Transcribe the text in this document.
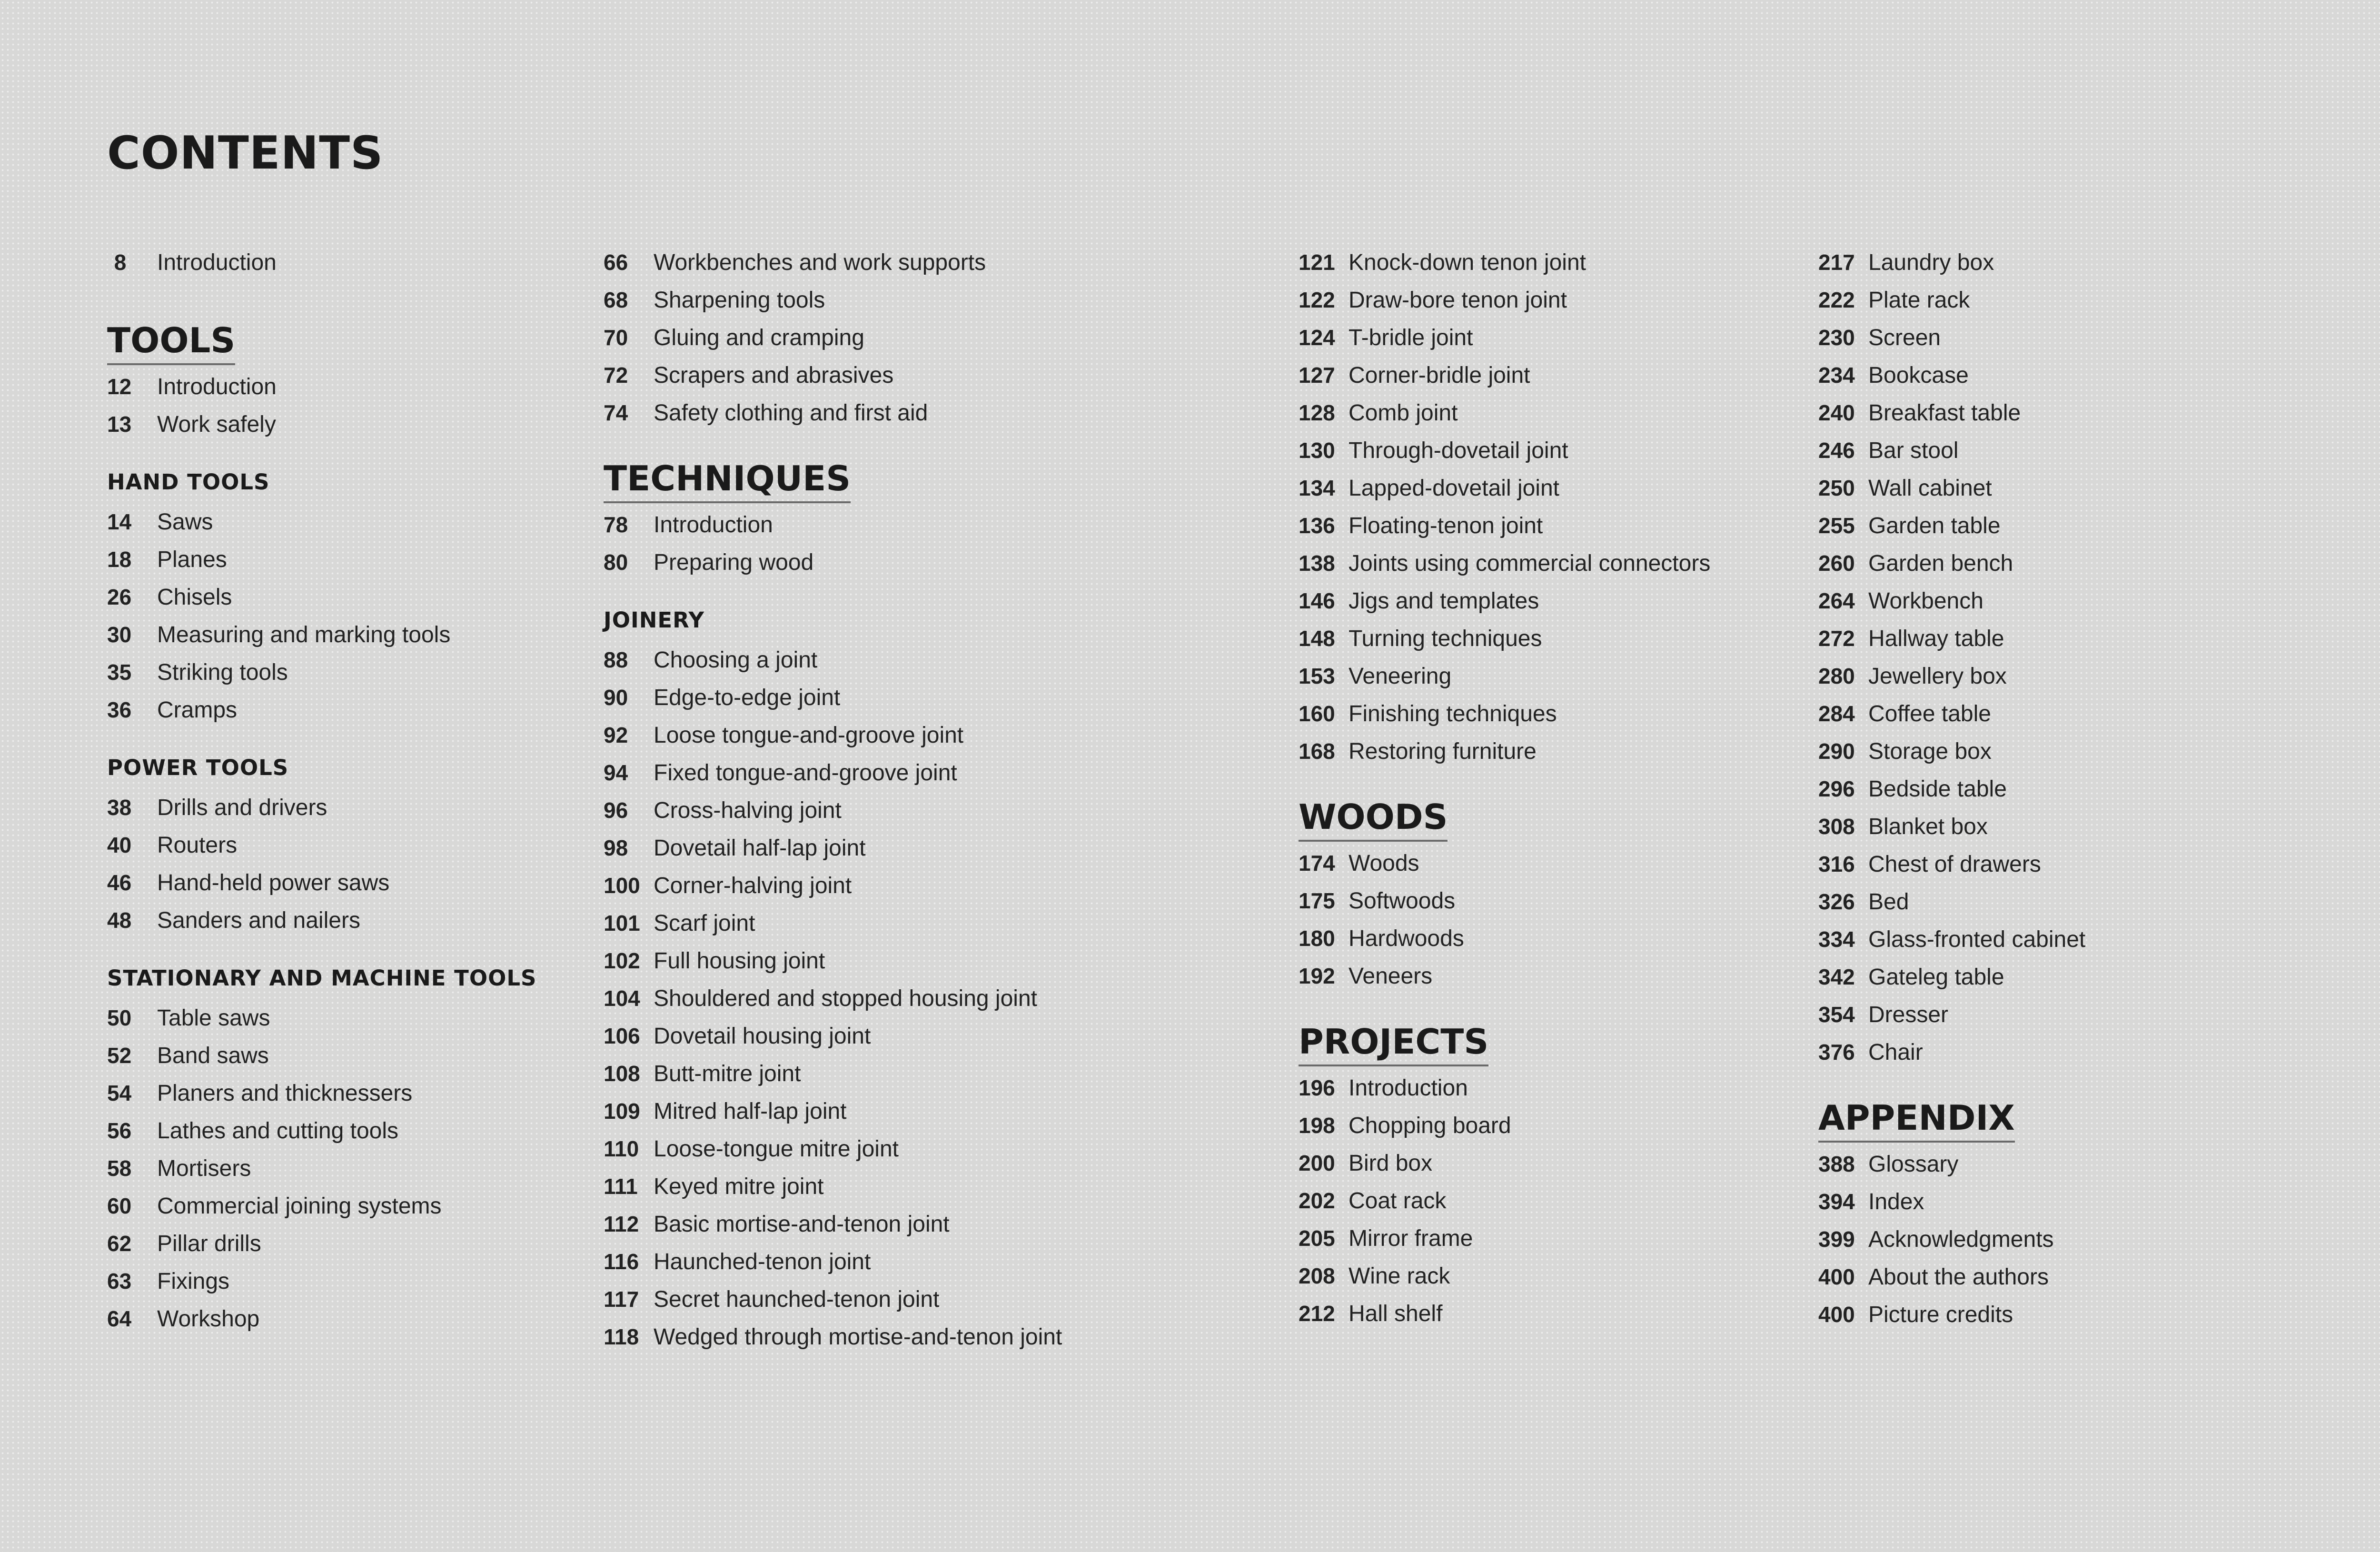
CONTENTS
8	Introduction
TOOLS
12	Introduction
13	Work safely
HAND TOOLS
14	Saws
18	Planes
26	Chisels
30	Measuring and marking tools
35	Striking tools
36	Cramps
POWER TOOLS
38	Drills and drivers
40	Routers
46	Hand-held power saws
48	Sanders and nailers
STATIONARY AND MACHINE TOOLS
50	Table saws
52	Band saws
54	Planers and thicknessers
56	Lathes and cutting tools
58	Mortisers
60	Commercial joining systems
62	Pillar drills
63	Fixings
64	Workshop
66	Workbenches and work supports
68	Sharpening tools
70	Gluing and cramping
72	Scrapers and abrasives
74	Safety clothing and first aid
TECHNIQUES
78	Introduction
80	Preparing wood
JOINERY
88	Choosing a joint
90	Edge-to-edge joint
92	Loose tongue-and-groove joint
94	Fixed tongue-and-groove joint
96	Cross-halving joint
98	Dovetail half-lap joint
100 Corner-halving joint
101 Scarf joint
102 Full housing joint
104 Shouldered and stopped housing joint
106 Dovetail housing joint
108 Butt-mitre joint
109 Mitred half-lap joint
110 Loose-tongue mitre joint
111 Keyed mitre joint
112 Basic mortise-and-tenon joint
116 Haunched-tenon joint
117 Secret haunched-tenon joint
118 Wedged through mortise-and-tenon joint
121 Knock-down tenon joint
122 Draw-bore tenon joint
124 T-bridle joint
127 Corner-bridle joint
128 Comb joint
130 Through-dovetail joint
134 Lapped-dovetail joint
136 Floating-tenon joint
138 Joints using commercial connectors
146 Jigs and templates
148 Turning techniques
153 Veneering
160 Finishing techniques
168 Restoring furniture
WOODS
174 Woods
175 Softwoods
180 Hardwoods
192 Veneers
PROJECTS
196 Introduction
198 Chopping board
200 Bird box
202 Coat rack
205 Mirror frame
208 Wine rack
212 Hall shelf
217 Laundry box
222 Plate rack
230 Screen
234 Bookcase
240 Breakfast table
246 Bar stool
250 Wall cabinet
255 Garden table
260 Garden bench
264 Workbench
272 Hallway table
280 Jewellery box
284 Coffee table
290 Storage box
296 Bedside table
308 Blanket box
316 Chest of drawers
326 Bed
334 Glass-fronted cabinet
342 Gateleg table
354 Dresser
376 Chair
APPENDIX
388 Glossary
394 Index
399 Acknowledgments
400 About the authors
400 Picture credits
